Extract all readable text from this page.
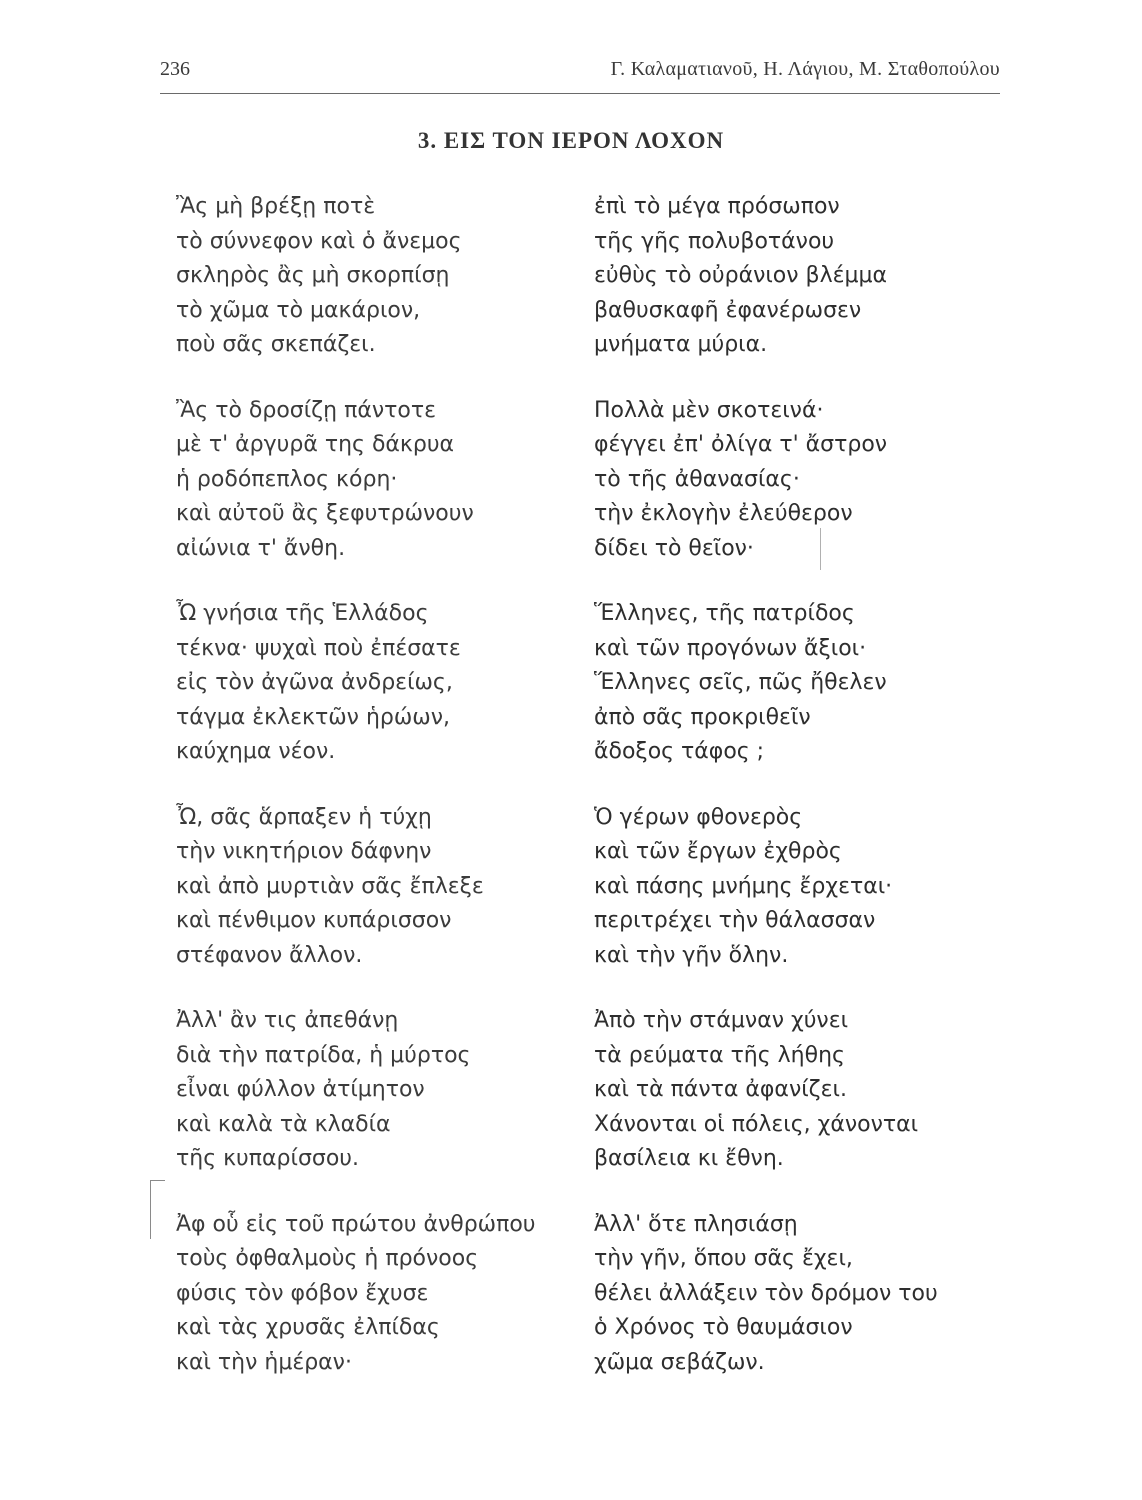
236	Γ. Καλαματιανοῦ, Η. Λάγιου, Μ. Σταθοπούλου
3. ΕΙΣ ΤΟΝ ΙΕΡΟΝ ΛΟΧΟΝ
Ἂς μὴ βρέξῃ ποτὲ
τὸ σύννεφον καὶ ὁ ἄνεμος
σκληρὸς ἂς μὴ σκορπίσῃ
τὸ χῶμα τὸ μακάριον,
ποὺ σᾶς σκεπάζει.
Ἂς τὸ δροσίζῃ πάντοτε
μὲ τ' ἀργυρᾶ της δάκρυα
ἡ ροδόπεπλος κόρη·
καὶ αὐτοῦ ἂς ξεφυτρώνουν
αἰώνια τ' ἄνθη.
Ὦ γνήσια τῆς Ἑλλάδος
τέκνα· ψυχαὶ ποὺ ἐπέσατε
εἰς τὸν ἀγῶνα ἀνδρείως,
τάγμα ἐκλεκτῶν ἡρώων,
καύχημα νέον.
Ὦ, σᾶς ἅρπαξεν ἡ τύχῃ
τὴν νικητήριον δάφνην
καὶ ἀπὸ μυρτιὰν σᾶς ἔπλεξε
καὶ πένθιμον κυπάρισσον
στέφανον ἄλλον.
Ἀλλ' ἂν τις ἀπεθάνῃ
διὰ τὴν πατρίδα, ἡ μύρτος
εἶναι φύλλον ἀτίμητον
καὶ καλὰ τὰ κλαδία
τῆς κυπαρίσσου.
Ἀφ οὗ εἰς τοῦ πρώτου ἀνθρώπου
τοὺς ὀφθαλμοὺς ἡ πρόνοος
φύσις τὸν φόβον ἔχυσε
καὶ τὰς χρυσᾶς ἐλπίδας
καὶ τὴν ἡμέραν·
ἐπὶ τὸ μέγα πρόσωπον
τῆς γῆς πολυβοτάνου
εὐθὺς τὸ οὐράνιον βλέμμα
βαθυσκαφῆ ἐφανέρωσεν
μνήματα μύρια.
Πολλὰ μὲν σκοτεινά·
φέγγει ἐπ' ὀλίγα τ' ἄστρον
τὸ τῆς ἀθανασίας·
τὴν ἐκλογὴν ἐλεύθερον
δίδει τὸ θεῖον·
Ἕλληνες, τῆς πατρίδος
καὶ τῶν προγόνων ἄξιοι·
Ἕλληνες σεῖς, πῶς ἤθελεν
ἀπὸ σᾶς προκριθεῖν
ἄδοξος τάφος ;
Ὁ γέρων φθονερὸς
καὶ τῶν ἔργων ἐχθρὸς
καὶ πάσης μνήμης ἔρχεται·
περιτρέχει τὴν θάλασσαν
καὶ τὴν γῆν ὅλην.
Ἀπὸ τὴν στάμναν χύνει
τὰ ρεύματα τῆς λήθης
καὶ τὰ πάντα ἀφανίζει.
Χάνονται οἱ πόλεις, χάνονται
βασίλεια κι ἔθνη.
Ἀλλ' ὅτε πλησιάσῃ
τὴν γῆν, ὅπου σᾶς ἔχει,
θέλει ἀλλάξειν τὸν δρόμον του
ὁ Χρόνος τὸ θαυμάσιον
χῶμα σεβάζων.
